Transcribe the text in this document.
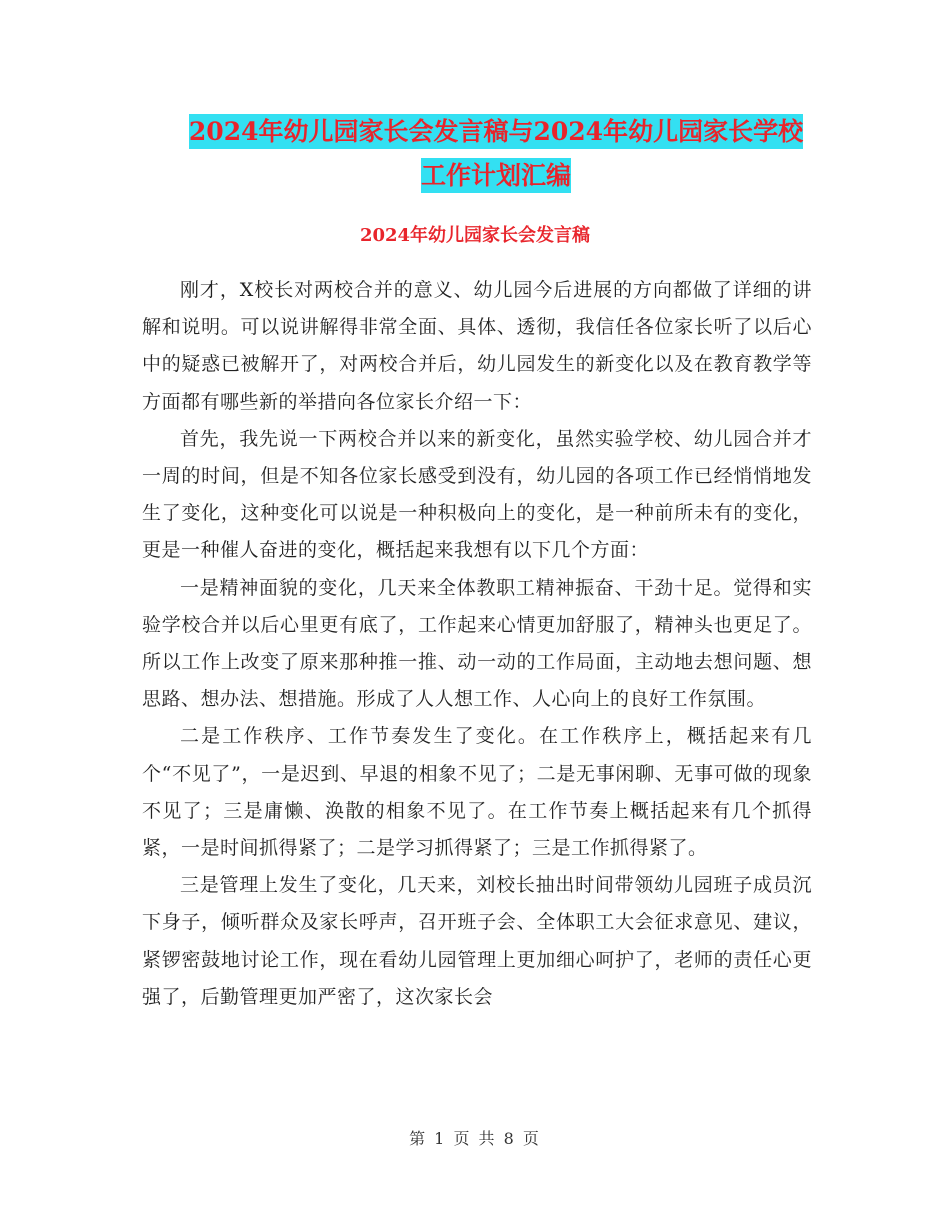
2024年幼儿园家长会发言稿与2024年幼儿园家长学校
工作计划汇编
2024年幼儿园家长会发言稿

刚才，X校长对两校合并的意义、幼儿园今后进展的方向都做了详细的讲解和说明。可以说讲解得非常全面、具体、透彻，我信任各位家长听了以后心中的疑惑已被解开了，对两校合并后，幼儿园发生的新变化以及在教育教学等方面都有哪些新的举措向各位家长介绍一下：

首先，我先说一下两校合并以来的新变化，虽然实验学校、幼儿园合并才一周的时间，但是不知各位家长感受到没有，幼儿园的各项工作已经悄悄地发生了变化，这种变化可以说是一种积极向上的变化，是一种前所未有的变化，更是一种催人奋进的变化，概括起来我想有以下几个方面：

一是精神面貌的变化，几天来全体教职工精神振奋、干劲十足。觉得和实验学校合并以后心里更有底了，工作起来心情更加舒服了，精神头也更足了。所以工作上改变了原来那种推一推、动一动的工作局面，主动地去想问题、想思路、想办法、想措施。形成了人人想工作、人心向上的良好工作氛围。

二是工作秩序、工作节奏发生了变化。在工作秩序上，概括起来有几个“不见了”，一是迟到、早退的相象不见了；二是无事闲聊、无事可做的现象不见了；三是庸懒、涣散的相象不见了。在工作节奏上概括起来有几个抓得紧，一是时间抓得紧了；二是学习抓得紧了；三是工作抓得紧了。

三是管理上发生了变化，几天来，刘校长抽出时间带领幼儿园班子成员沉下身子，倾听群众及家长呼声，召开班子会、全体职工大会征求意见、建议，紧锣密鼓地讨论工作，现在看幼儿园管理上更加细心呵护了，老师的责任心更强了，后勤管理更加严密了，这次家长会

第 1 页 共 8 页
